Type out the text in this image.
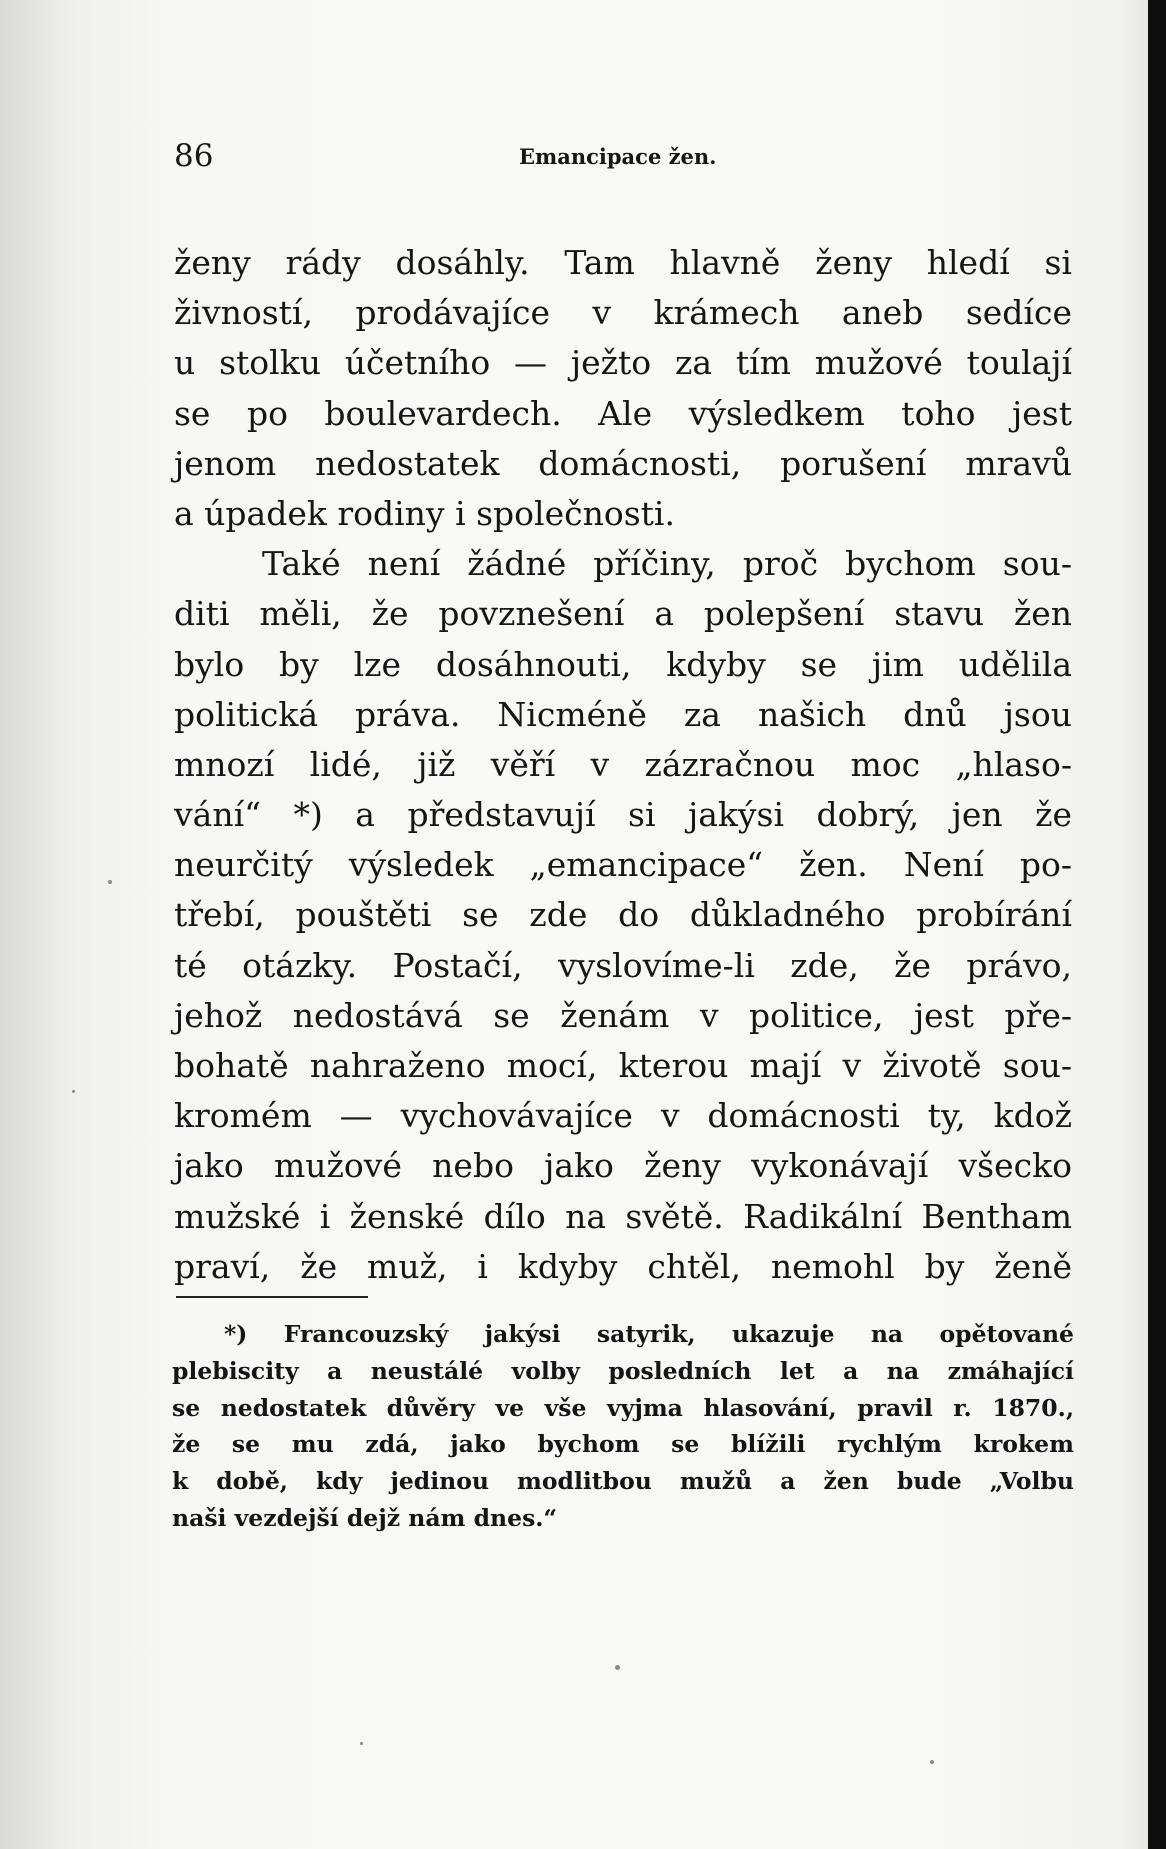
86	Emancipace žen.
ženy rády dosáhly. Tam hlavně ženy hledí si
živností, prodávajíce v krámech aneb sedíce
u stolku účetního — ježto za tím mužové toulají
se po boulevardech. Ale výsledkem toho jest
jenom nedostatek domácnosti, porušení mravů
a úpadek rodiny i společnosti.
Také není žádné příčiny, proč bychom sou-
diti měli, že povznešení a polepšení stavu žen
bylo by lze dosáhnouti, kdyby se jim udělila
politická práva. Nicméně za našich dnů jsou
mnozí lidé, již věří v zázračnou moc „hlaso-
vání“ *) a představují si jakýsi dobrý, jen že
neurčitý výsledek „emancipace“ žen. Není po-
třebí, pouštěti se zde do důkladného probírání
té otázky. Postačí, vyslovíme-li zde, že právo,
jehož nedostává se ženám v politice, jest pře-
bohatě nahraženo mocí, kterou mají v životě sou-
kromém — vychovávajíce v domácnosti ty, kdož
jako mužové nebo jako ženy vykonávají všecko
mužské i ženské dílo na světě. Radikální Bentham
praví, že muž, i kdyby chtěl, nemohl by ženě
*) Francouzský jakýsi satyrik, ukazuje na opětované
plebiscity a neustálé volby posledních let a na zmáhající
se nedostatek důvěry ve vše vyjma hlasování, pravil r. 1870.,
že se mu zdá, jako bychom se blížili rychlým krokem
k době, kdy jedinou modlitbou mužů a žen bude „Volbu
naši vezdejší dejž nám dnes.“
